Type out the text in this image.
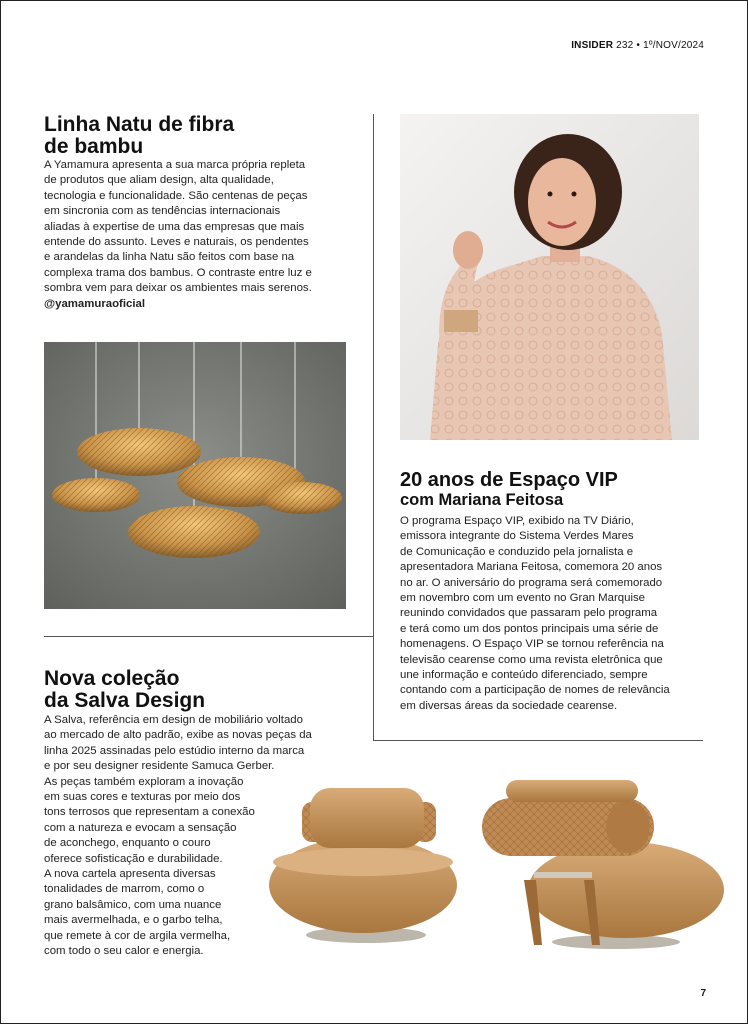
INSIDER 232 • 1º/NOV/2024
Linha Natu de fibra
de bambu

A Yamamura apresenta a sua marca própria repleta
de produtos que aliam design, alta qualidade,
tecnologia e funcionalidade. São centenas de peças
em sincronia com as tendências internacionais
aliadas à expertise de uma das empresas que mais
entende do assunto. Leves e naturais, os pendentes
e arandelas da linha Natu são feitos com base na
complexa trama dos bambus. O contraste entre luz e
sombra vem para deixar os ambientes mais serenos.

@yamamuraoficial
20 anos de Espaço VIP
com Mariana Feitosa

O programa Espaço VIP, exibido na TV Diário,
emissora integrante do Sistema Verdes Mares
de Comunicação e conduzido pela jornalista e
apresentadora Mariana Feitosa, comemora 20 anos
no ar. O aniversário do programa será comemorado
em novembro com um evento no Gran Marquise
reunindo convidados que passaram pelo programa
e terá como um dos pontos principais uma série de
homenagens. O Espaço VIP se tornou referência na
televisão cearense como uma revista eletrônica que
une informação e conteúdo diferenciado, sempre
contando com a participação de nomes de relevância
em diversas áreas da sociedade cearense.

Nova coleção
da Salva Design

A Salva, referência em design de mobiliário voltado
ao mercado de alto padrão, exibe as novas peças da
linha 2025 assinadas pelo estúdio interno da marca
e por seu designer residente Samuca Gerber.
As peças também exploram a inovação
em suas cores e texturas por meio dos
tons terrosos que representam a conexão
com a natureza e evocam a sensação
de aconchego, enquanto o couro
oferece sofisticação e durabilidade.
A nova cartela apresenta diversas
tonalidades de marrom, como o
grano balsâmico, com uma nuance
mais avermelhada, e o garbo telha,
que remete à cor de argila vermelha,
com todo o seu calor e energia.

7
